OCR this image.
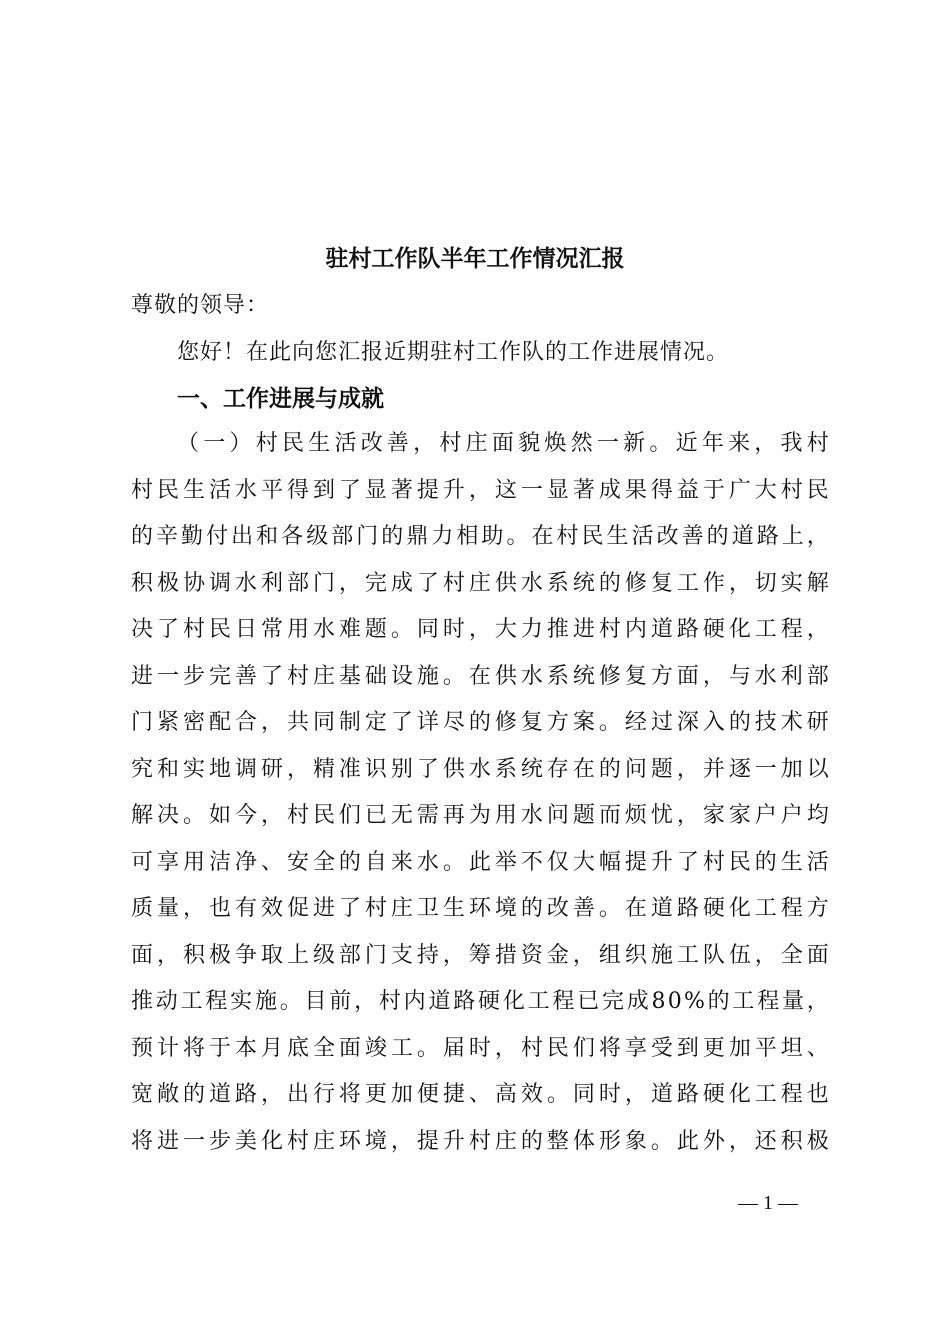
驻村工作队半年工作情况汇报
尊敬的领导：
您好！在此向您汇报近期驻村工作队的工作进展情况。
一、工作进展与成就
（一）村民生活改善，村庄面貌焕然一新。近年来，我村
村民生活水平得到了显著提升，这一显著成果得益于广大村民
的辛勤付出和各级部门的鼎力相助。在村民生活改善的道路上，
积极协调水利部门，完成了村庄供水系统的修复工作，切实解
决了村民日常用水难题。同时，大力推进村内道路硬化工程，
进一步完善了村庄基础设施。在供水系统修复方面，与水利部
门紧密配合，共同制定了详尽的修复方案。经过深入的技术研
究和实地调研，精准识别了供水系统存在的问题，并逐一加以
解决。如今，村民们已无需再为用水问题而烦忧，家家户户均
可享用洁净、安全的自来水。此举不仅大幅提升了村民的生活
质量，也有效促进了村庄卫生环境的改善。在道路硬化工程方
面，积极争取上级部门支持，筹措资金，组织施工队伍，全面
推动工程实施。目前，村内道路硬化工程已完成80%的工程量，
预计将于本月底全面竣工。届时，村民们将享受到更加平坦、
宽敞的道路，出行将更加便捷、高效。同时，道路硬化工程也
将进一步美化村庄环境，提升村庄的整体形象。此外，还积极
— 1 —
